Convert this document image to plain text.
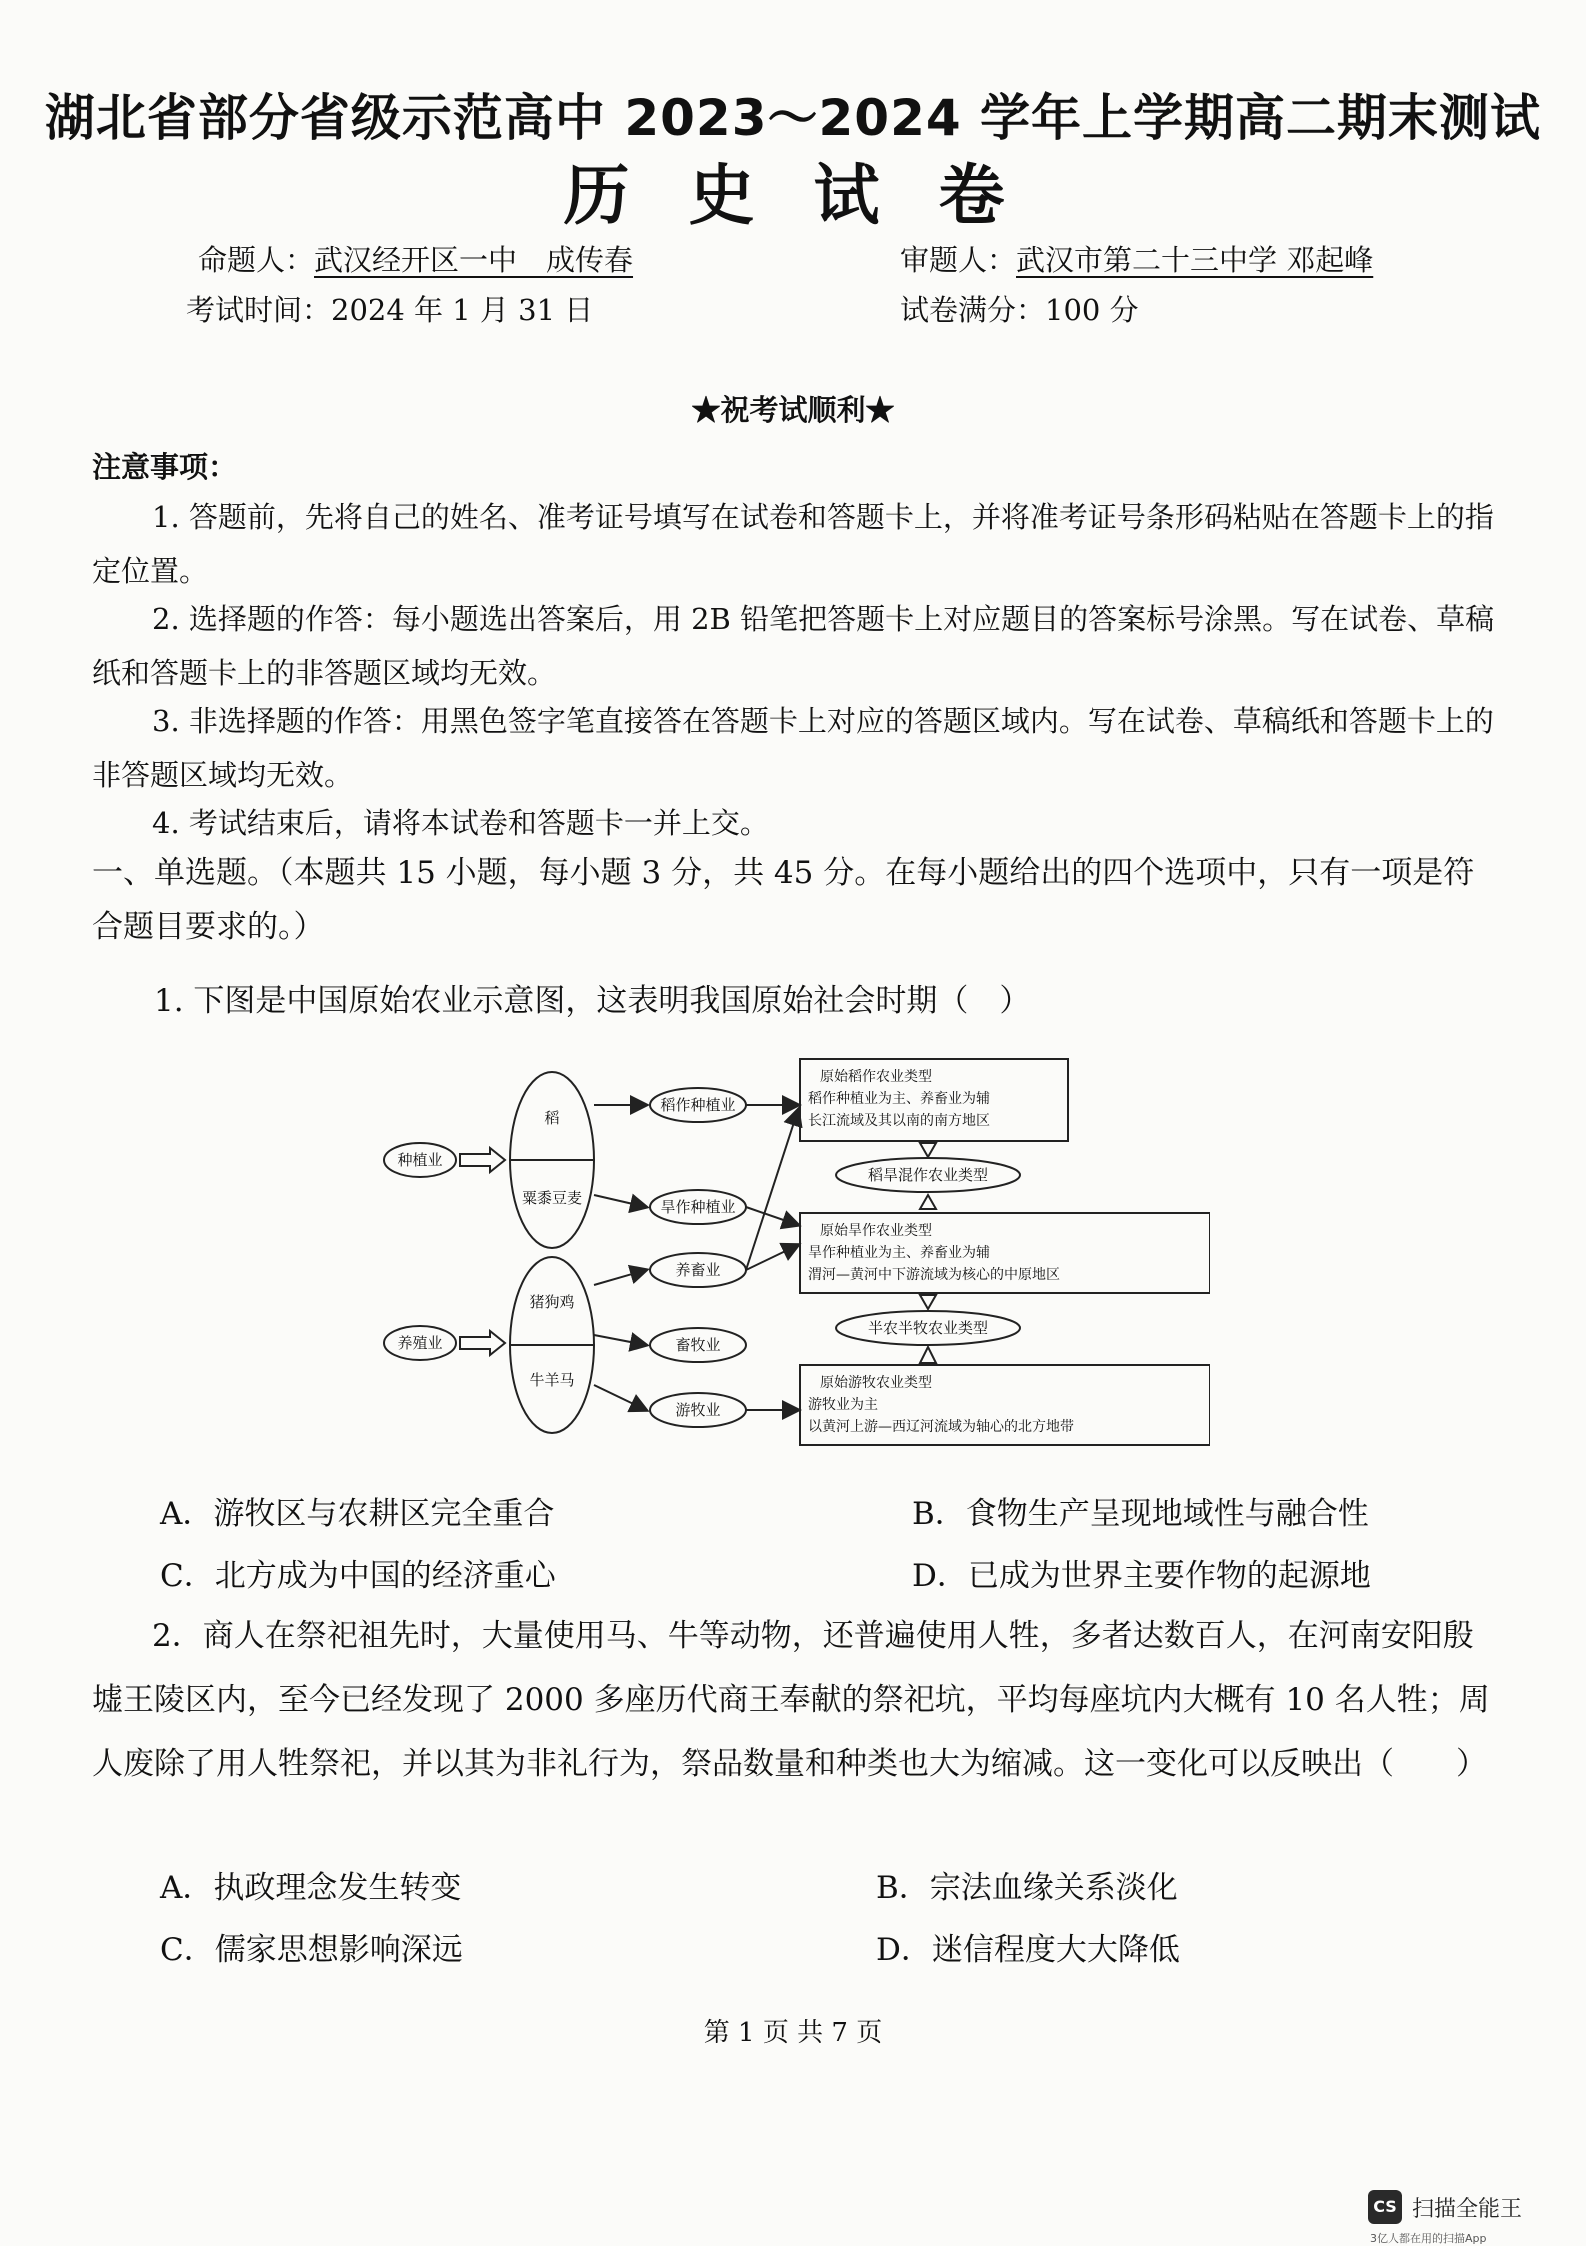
湖北省部分省级示范高中 2023～2024 学年上学期高二期末测试
历 史 试 卷
命题人：武汉经开区一中　成传春	审题人：武汉市第二十三中学 邓起峰
考试时间：2024 年 1 月 31 日	试卷满分：100 分
★祝考试顺利★
注意事项：
1. 答题前，先将自己的姓名、准考证号填写在试卷和答题卡上，并将准考证号条形码粘贴在答题卡上的指定位置。
2. 选择题的作答：每小题选出答案后，用 2B 铅笔把答题卡上对应题目的答案标号涂黑。写在试卷、草稿纸和答题卡上的非答题区域均无效。
3. 非选择题的作答：用黑色签字笔直接答在答题卡上对应的答题区域内。写在试卷、草稿纸和答题卡上的非答题区域均无效。
4. 考试结束后，请将本试卷和答题卡一并上交。
一、单选题。（本题共 15 小题，每小题 3 分，共 45 分。在每小题给出的四个选项中，只有一项是符合题目要求的。）
1. 下图是中国原始农业示意图，这表明我国原始社会时期（　）
种植业
养殖业
稻
粟黍豆麦
猪狗鸡
牛羊马
稻作种植业
旱作种植业
养畜业
畜牧业
游牧业
稻旱混作农业类型
半农半牧农业类型
原始稻作农业类型
稻作种植业为主、养畜业为辅
长江流域及其以南的南方地区
原始旱作农业类型
旱作种植业为主、养畜业为辅
渭河—黄河中下游流域为核心的中原地区
原始游牧农业类型
游牧业为主
以黄河上游—西辽河流域为轴心的北方地带
A．游牧区与农耕区完全重合	B．食物生产呈现地域性与融合性
C．北方成为中国的经济重心	D．已成为世界主要作物的起源地
2．商人在祭祀祖先时，大量使用马、牛等动物，还普遍使用人牲，多者达数百人，在河南安阳殷墟王陵区内，至今已经发现了 2000 多座历代商王奉献的祭祀坑，平均每座坑内大概有 10 名人牲；周人废除了用人牲祭祀，并以其为非礼行为，祭品数量和种类也大为缩减。这一变化可以反映出（　　）
A．执政理念发生转变	B．宗法血缘关系淡化
C．儒家思想影响深远	D．迷信程度大大降低
第 1 页 共 7 页
CS 扫描全能王
3亿人都在用的扫描App
